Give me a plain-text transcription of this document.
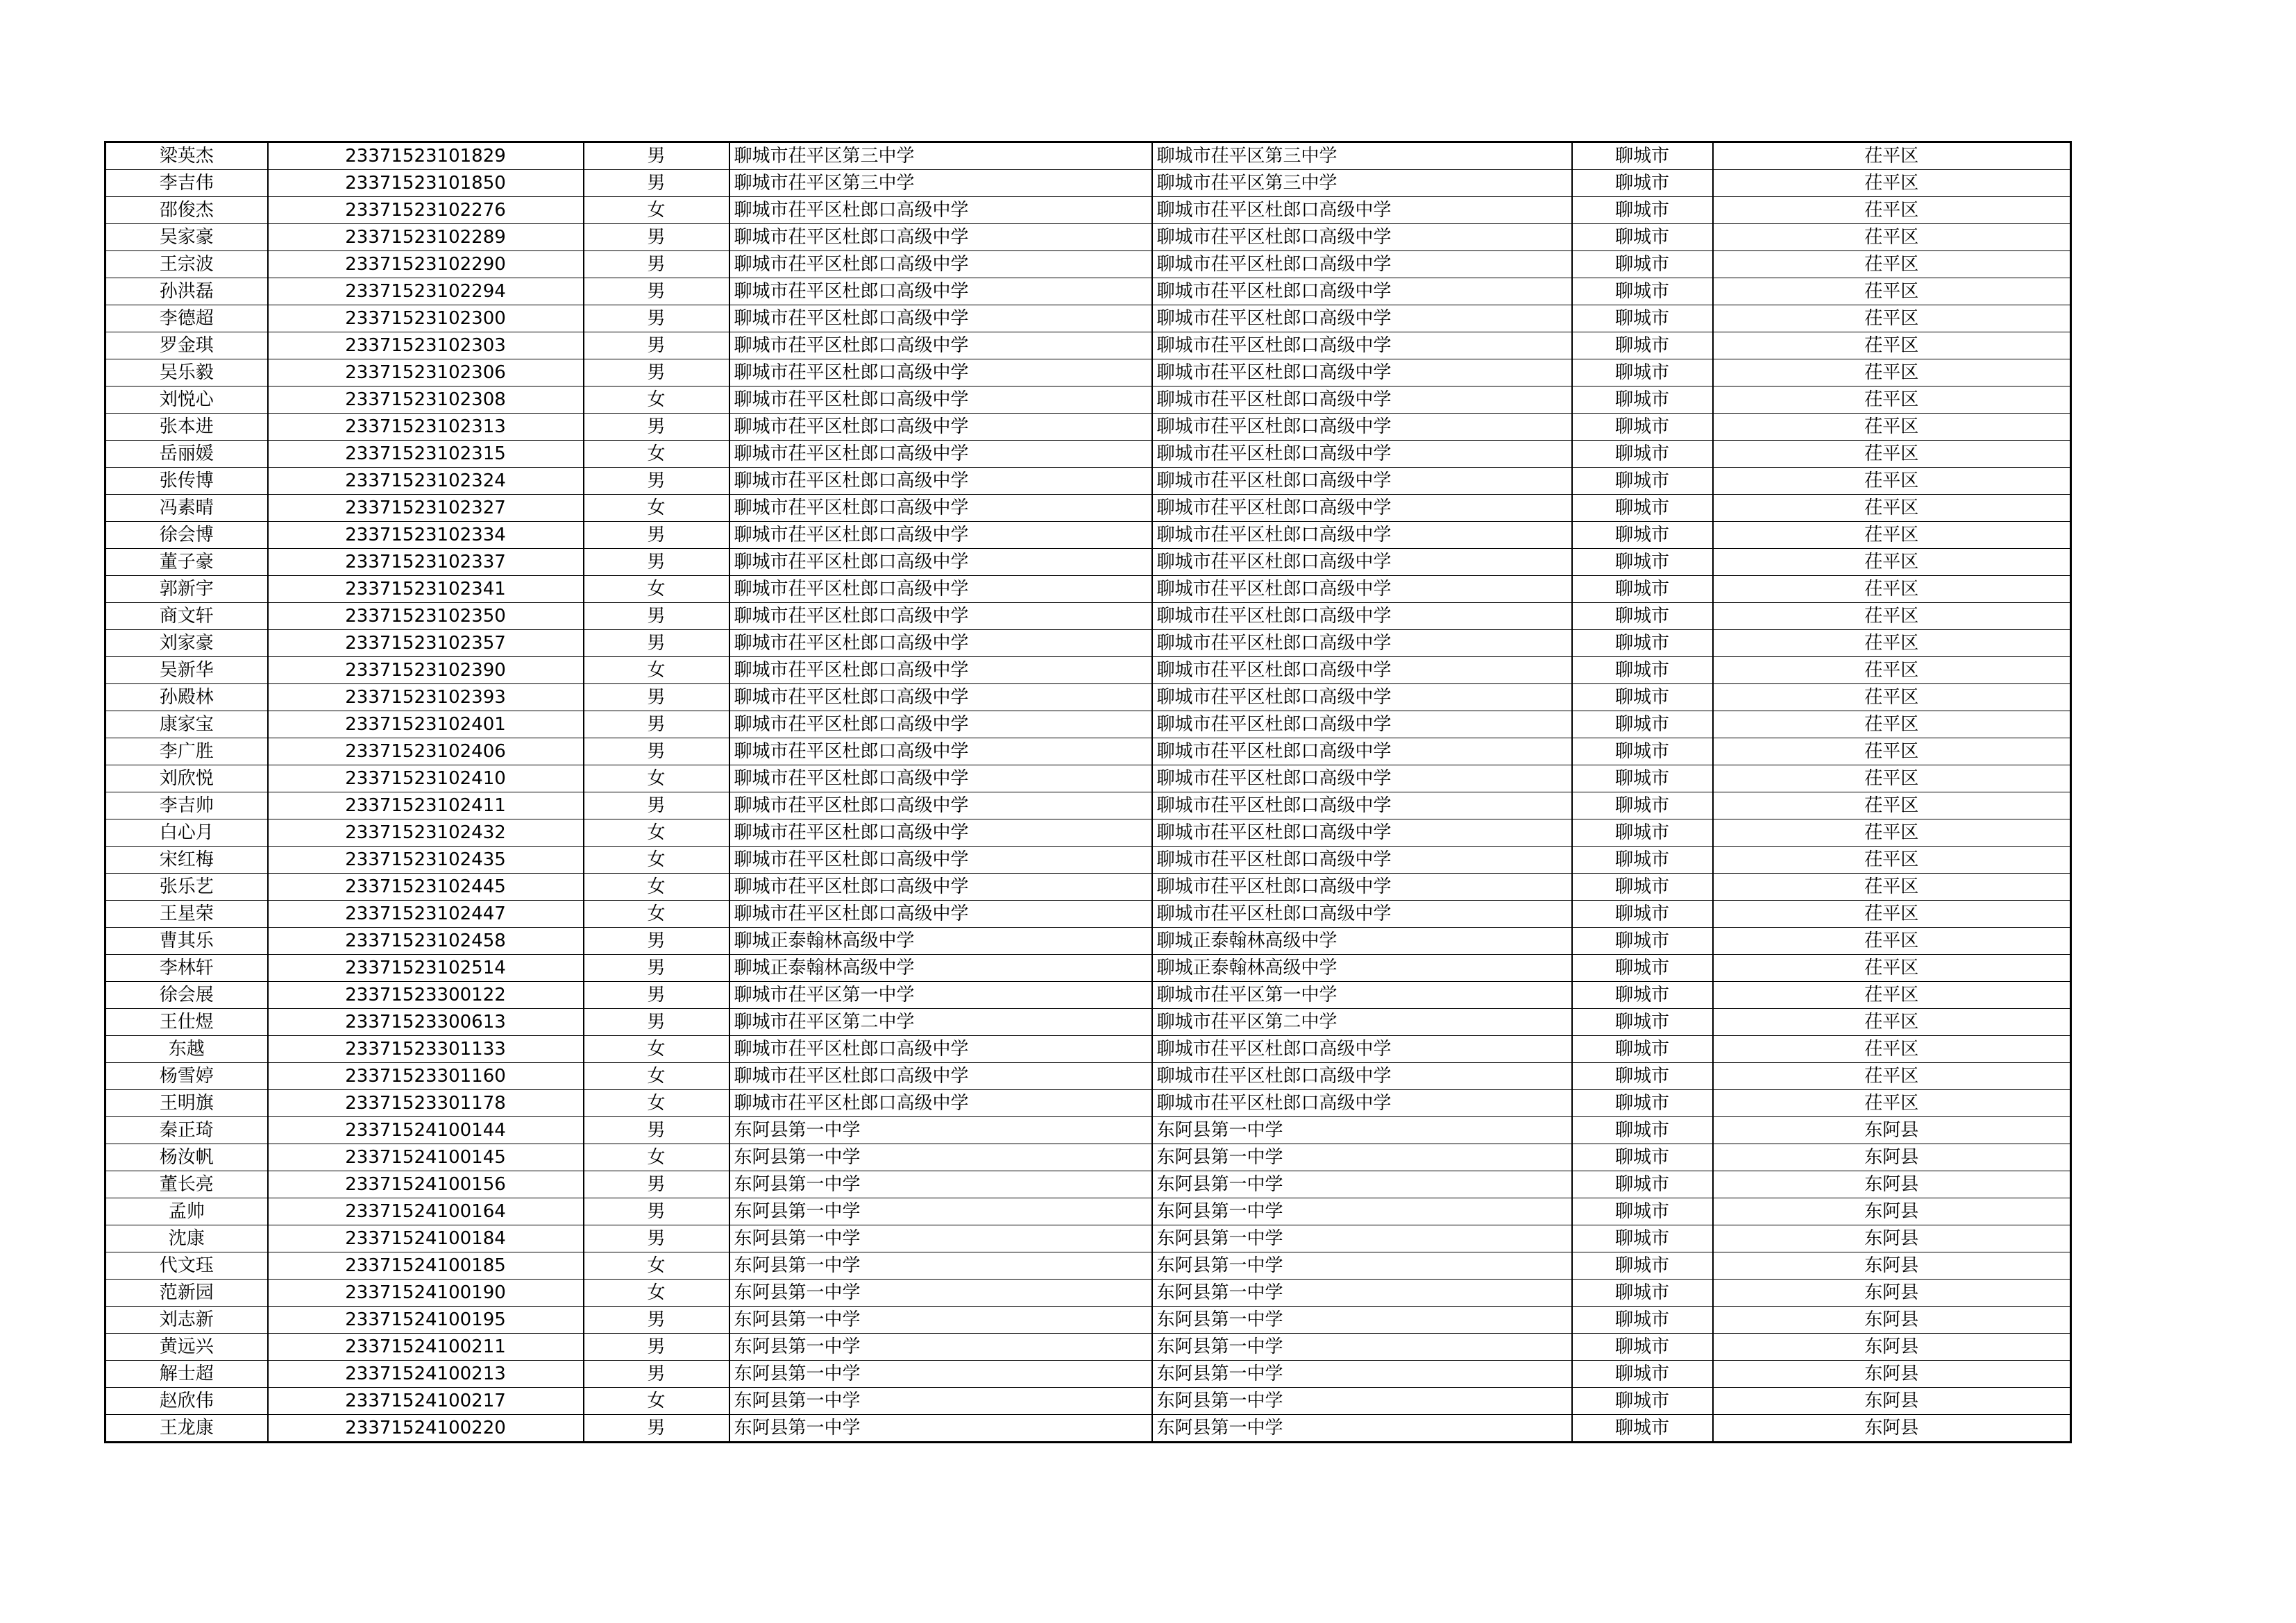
梁英杰	23371523101829	男	聊城市茌平区第三中学	聊城市茌平区第三中学	聊城市	茌平区
李吉伟	23371523101850	男	聊城市茌平区第三中学	聊城市茌平区第三中学	聊城市	茌平区
邵俊杰	23371523102276	女	聊城市茌平区杜郎口高级中学	聊城市茌平区杜郎口高级中学	聊城市	茌平区
吴家豪	23371523102289	男	聊城市茌平区杜郎口高级中学	聊城市茌平区杜郎口高级中学	聊城市	茌平区
王宗波	23371523102290	男	聊城市茌平区杜郎口高级中学	聊城市茌平区杜郎口高级中学	聊城市	茌平区
孙洪磊	23371523102294	男	聊城市茌平区杜郎口高级中学	聊城市茌平区杜郎口高级中学	聊城市	茌平区
李德超	23371523102300	男	聊城市茌平区杜郎口高级中学	聊城市茌平区杜郎口高级中学	聊城市	茌平区
罗金琪	23371523102303	男	聊城市茌平区杜郎口高级中学	聊城市茌平区杜郎口高级中学	聊城市	茌平区
吴乐毅	23371523102306	男	聊城市茌平区杜郎口高级中学	聊城市茌平区杜郎口高级中学	聊城市	茌平区
刘悦心	23371523102308	女	聊城市茌平区杜郎口高级中学	聊城市茌平区杜郎口高级中学	聊城市	茌平区
张本进	23371523102313	男	聊城市茌平区杜郎口高级中学	聊城市茌平区杜郎口高级中学	聊城市	茌平区
岳丽媛	23371523102315	女	聊城市茌平区杜郎口高级中学	聊城市茌平区杜郎口高级中学	聊城市	茌平区
张传博	23371523102324	男	聊城市茌平区杜郎口高级中学	聊城市茌平区杜郎口高级中学	聊城市	茌平区
冯素晴	23371523102327	女	聊城市茌平区杜郎口高级中学	聊城市茌平区杜郎口高级中学	聊城市	茌平区
徐会博	23371523102334	男	聊城市茌平区杜郎口高级中学	聊城市茌平区杜郎口高级中学	聊城市	茌平区
董子豪	23371523102337	男	聊城市茌平区杜郎口高级中学	聊城市茌平区杜郎口高级中学	聊城市	茌平区
郭新宇	23371523102341	女	聊城市茌平区杜郎口高级中学	聊城市茌平区杜郎口高级中学	聊城市	茌平区
商文轩	23371523102350	男	聊城市茌平区杜郎口高级中学	聊城市茌平区杜郎口高级中学	聊城市	茌平区
刘家豪	23371523102357	男	聊城市茌平区杜郎口高级中学	聊城市茌平区杜郎口高级中学	聊城市	茌平区
吴新华	23371523102390	女	聊城市茌平区杜郎口高级中学	聊城市茌平区杜郎口高级中学	聊城市	茌平区
孙殿林	23371523102393	男	聊城市茌平区杜郎口高级中学	聊城市茌平区杜郎口高级中学	聊城市	茌平区
康家宝	23371523102401	男	聊城市茌平区杜郎口高级中学	聊城市茌平区杜郎口高级中学	聊城市	茌平区
李广胜	23371523102406	男	聊城市茌平区杜郎口高级中学	聊城市茌平区杜郎口高级中学	聊城市	茌平区
刘欣悦	23371523102410	女	聊城市茌平区杜郎口高级中学	聊城市茌平区杜郎口高级中学	聊城市	茌平区
李吉帅	23371523102411	男	聊城市茌平区杜郎口高级中学	聊城市茌平区杜郎口高级中学	聊城市	茌平区
白心月	23371523102432	女	聊城市茌平区杜郎口高级中学	聊城市茌平区杜郎口高级中学	聊城市	茌平区
宋红梅	23371523102435	女	聊城市茌平区杜郎口高级中学	聊城市茌平区杜郎口高级中学	聊城市	茌平区
张乐艺	23371523102445	女	聊城市茌平区杜郎口高级中学	聊城市茌平区杜郎口高级中学	聊城市	茌平区
王星荣	23371523102447	女	聊城市茌平区杜郎口高级中学	聊城市茌平区杜郎口高级中学	聊城市	茌平区
曹其乐	23371523102458	男	聊城正泰翰林高级中学	聊城正泰翰林高级中学	聊城市	茌平区
李林轩	23371523102514	男	聊城正泰翰林高级中学	聊城正泰翰林高级中学	聊城市	茌平区
徐会展	23371523300122	男	聊城市茌平区第一中学	聊城市茌平区第一中学	聊城市	茌平区
王仕煜	23371523300613	男	聊城市茌平区第二中学	聊城市茌平区第二中学	聊城市	茌平区
东越	23371523301133	女	聊城市茌平区杜郎口高级中学	聊城市茌平区杜郎口高级中学	聊城市	茌平区
杨雪婷	23371523301160	女	聊城市茌平区杜郎口高级中学	聊城市茌平区杜郎口高级中学	聊城市	茌平区
王明旗	23371523301178	女	聊城市茌平区杜郎口高级中学	聊城市茌平区杜郎口高级中学	聊城市	茌平区
秦正琦	23371524100144	男	东阿县第一中学	东阿县第一中学	聊城市	东阿县
杨汝帆	23371524100145	女	东阿县第一中学	东阿县第一中学	聊城市	东阿县
董长亮	23371524100156	男	东阿县第一中学	东阿县第一中学	聊城市	东阿县
孟帅	23371524100164	男	东阿县第一中学	东阿县第一中学	聊城市	东阿县
沈康	23371524100184	男	东阿县第一中学	东阿县第一中学	聊城市	东阿县
代文珏	23371524100185	女	东阿县第一中学	东阿县第一中学	聊城市	东阿县
范新园	23371524100190	女	东阿县第一中学	东阿县第一中学	聊城市	东阿县
刘志新	23371524100195	男	东阿县第一中学	东阿县第一中学	聊城市	东阿县
黄远兴	23371524100211	男	东阿县第一中学	东阿县第一中学	聊城市	东阿县
解士超	23371524100213	男	东阿县第一中学	东阿县第一中学	聊城市	东阿县
赵欣伟	23371524100217	女	东阿县第一中学	东阿县第一中学	聊城市	东阿县
王龙康	23371524100220	男	东阿县第一中学	东阿县第一中学	聊城市	东阿县
